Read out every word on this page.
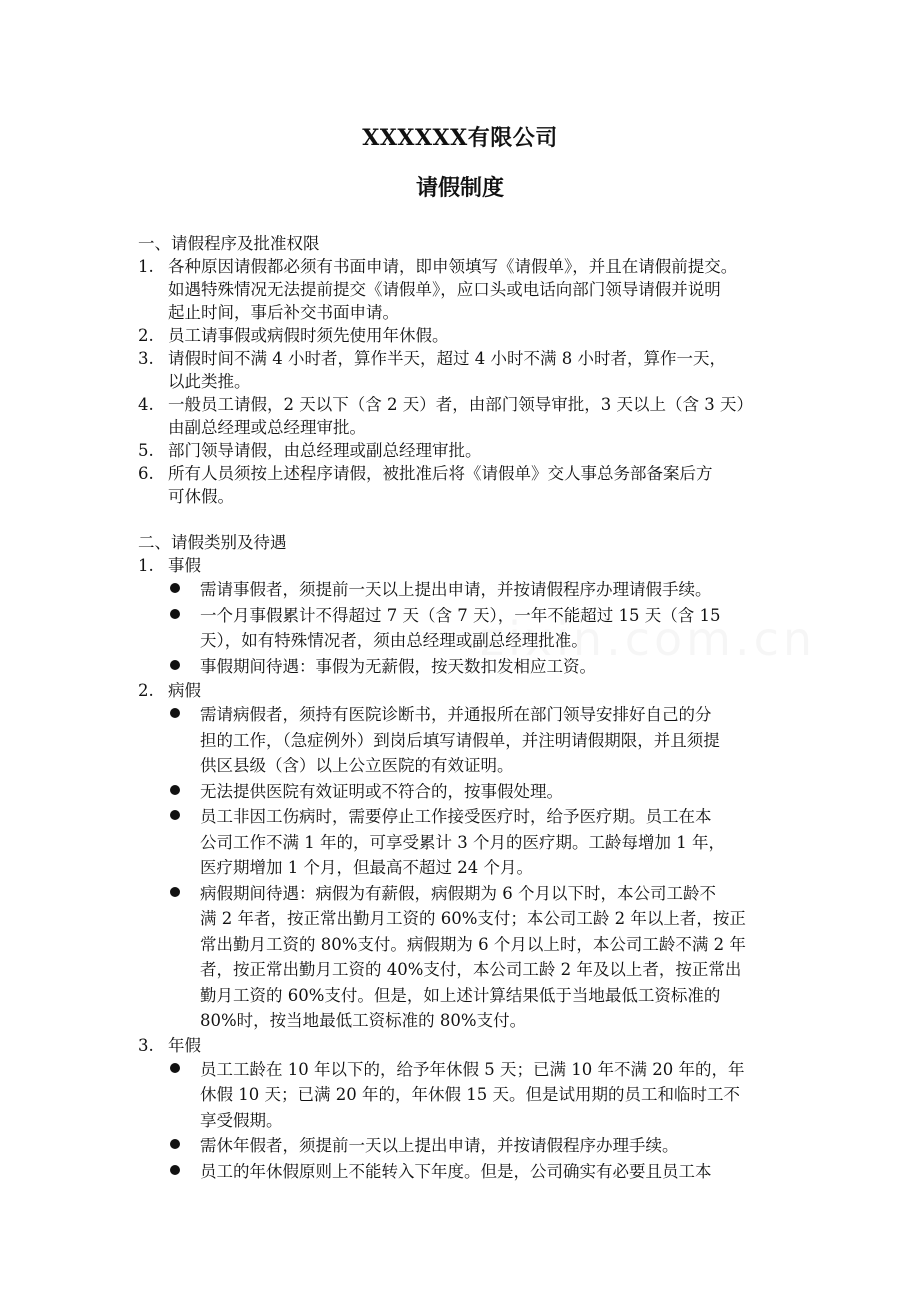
XXXXXX有限公司
请假制度
一、请假程序及批准权限
1. 各种原因请假都必须有书面申请，即申领填写《请假单》，并且在请假前提交。
如遇特殊情况无法提前提交《请假单》，应口头或电话向部门领导请假并说明
起止时间，事后补交书面申请。
2. 员工请事假或病假时须先使用年休假。
3. 请假时间不满 4 小时者，算作半天，超过 4 小时不满 8 小时者，算作一天，
以此类推。
4. 一般员工请假，2 天以下（含 2 天）者，由部门领导审批，3 天以上（含 3 天）
由副总经理或总经理审批。
5. 部门领导请假，由总经理或副总经理审批。
6. 所有人员须按上述程序请假，被批准后将《请假单》交人事总务部备案后方
可休假。
二、请假类别及待遇
1. 事假
需请事假者，须提前一天以上提出申请，并按请假程序办理请假手续。
一个月事假累计不得超过 7 天（含 7 天），一年不能超过 15 天（含 15
天），如有特殊情况者，须由总经理或副总经理批准。
事假期间待遇：事假为无薪假，按天数扣发相应工资。
2. 病假
需请病假者，须持有医院诊断书，并通报所在部门领导安排好自己的分
担的工作，（急症例外）到岗后填写请假单，并注明请假期限，并且须提
供区县级（含）以上公立医院的有效证明。
无法提供医院有效证明或不符合的，按事假处理。
员工非因工伤病时，需要停止工作接受医疗时，给予医疗期。员工在本
公司工作不满 1 年的，可享受累计 3 个月的医疗期。工龄每增加 1 年，
医疗期增加 1 个月，但最高不超过 24 个月。
病假期间待遇：病假为有薪假，病假期为 6 个月以下时，本公司工龄不
满 2 年者，按正常出勤月工资的 60%支付；本公司工龄 2 年以上者，按正
常出勤月工资的 80%支付。病假期为 6 个月以上时，本公司工龄不满 2 年
者，按正常出勤月工资的 40%支付，本公司工龄 2 年及以上者，按正常出
勤月工资的 60%支付。但是，如上述计算结果低于当地最低工资标准的
80%时，按当地最低工资标准的 80%支付。
3. 年假
员工工龄在 10 年以下的，给予年休假 5 天；已满 10 年不满 20 年的，年
休假 10 天；已满 20 年的，年休假 15 天。但是试用期的员工和临时工不
享受假期。
需休年假者，须提前一天以上提出申请，并按请假程序办理手续。
员工的年休假原则上不能转入下年度。但是，公司确实有必要且员工本
